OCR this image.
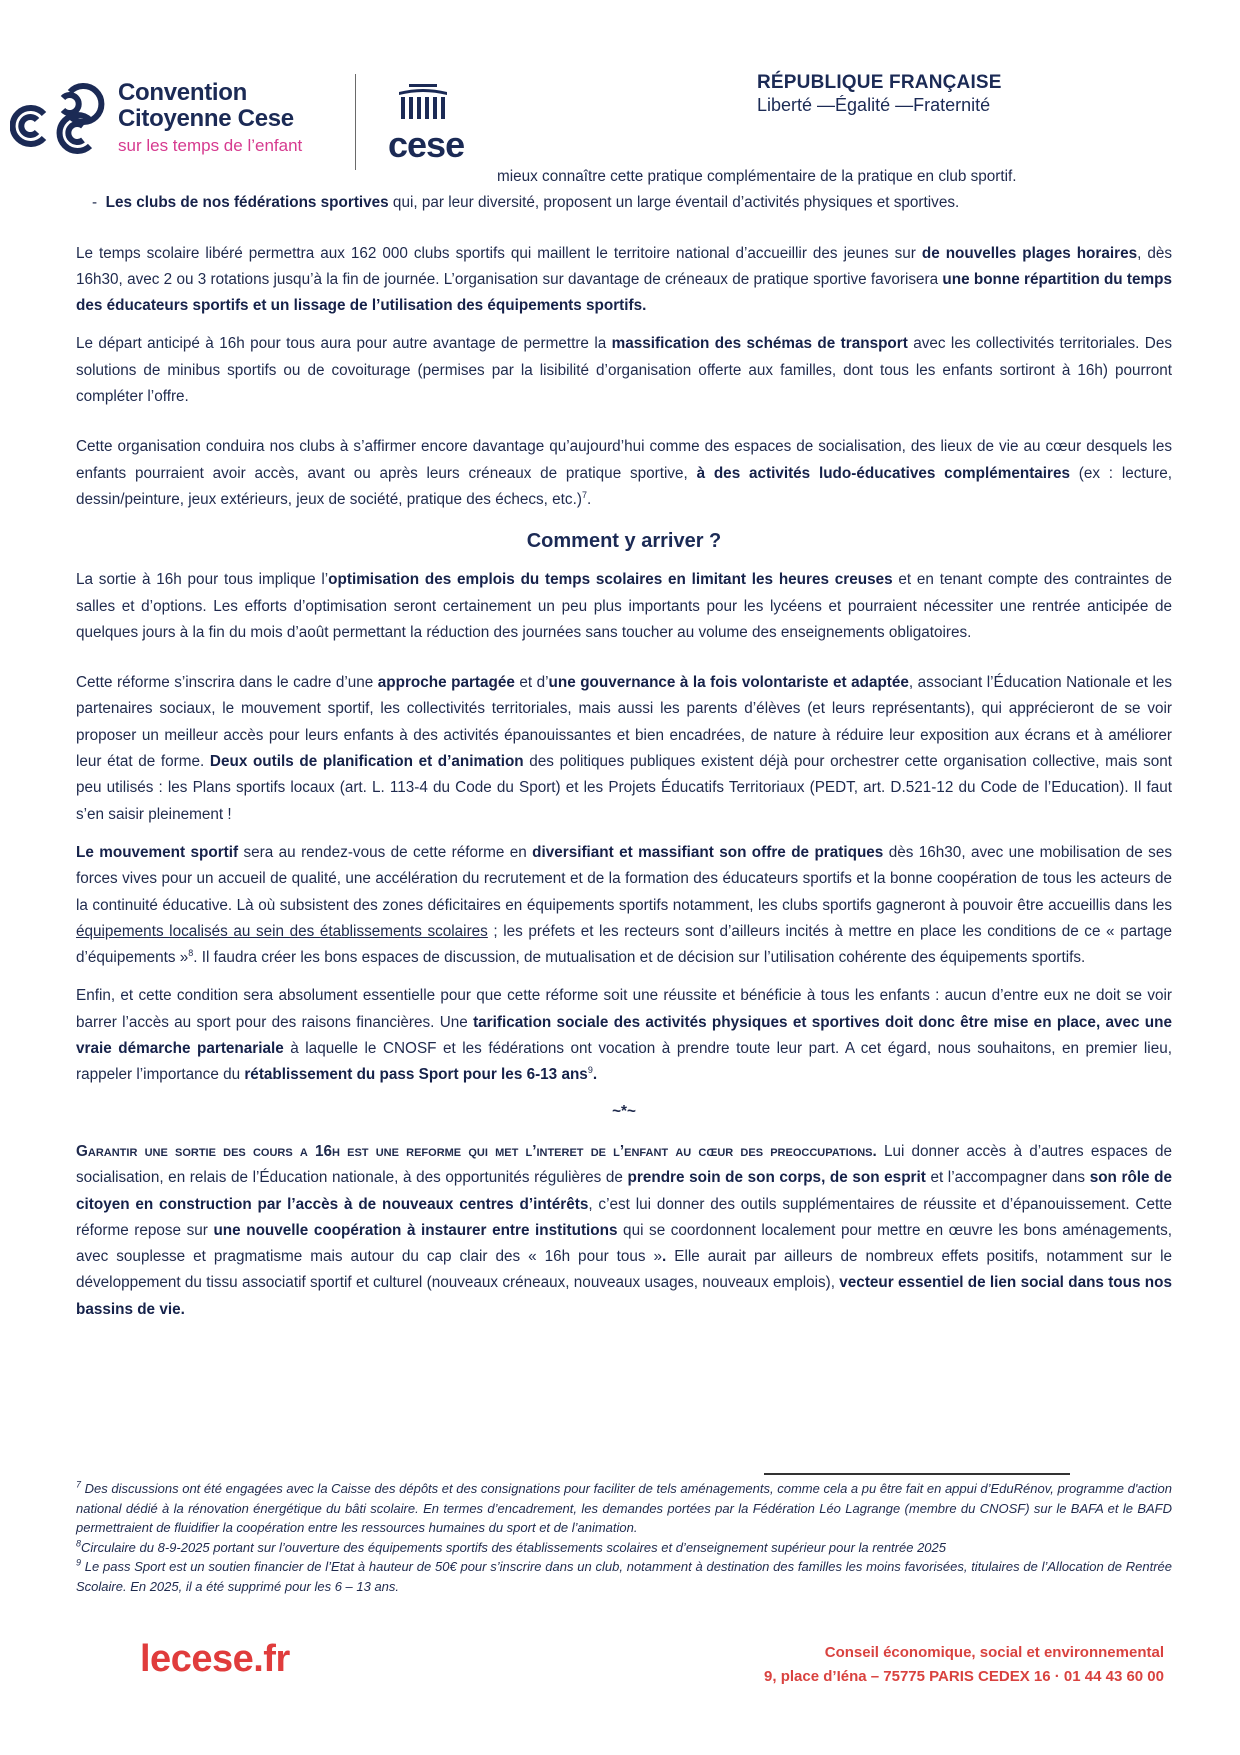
Convention
Citoyenne Cese
sur les temps de l’enfant cese
RÉPUBLIQUE FRANÇAISE
Liberté —Égalité —Fraternité

mieux connaître cette pratique complémentaire de la pratique en club sportif.

- Les clubs de nos fédérations sportives qui, par leur diversité, proposent un large éventail d’activités physiques et sportives.

Le temps scolaire libéré permettra aux 162 000 clubs sportifs qui maillent le territoire national d’accueillir des jeunes sur de nouvelles plages horaires, dès 16h30, avec 2 ou 3 rotations jusqu’à la fin de journée. L’organisation sur davantage de créneaux de pratique sportive favorisera une bonne répartition du temps des éducateurs sportifs et un lissage de l’utilisation des équipements sportifs.

Le départ anticipé à 16h pour tous aura pour autre avantage de permettre la massification des schémas de transport avec les collectivités territoriales. Des solutions de minibus sportifs ou de covoiturage (permises par la lisibilité d’organisation offerte aux familles, dont tous les enfants sortiront à 16h) pourront compléter l’offre.

Cette organisation conduira nos clubs à s’affirmer encore davantage qu’aujourd’hui comme des espaces de socialisation, des lieux de vie au cœur desquels les enfants pourraient avoir accès, avant ou après leurs créneaux de pratique sportive, à des activités ludo-éducatives complémentaires (ex : lecture, dessin/peinture, jeux extérieurs, jeux de société, pratique des échecs, etc.)$^7$.

Comment y arriver ?

La sortie à 16h pour tous implique l’optimisation des emplois du temps scolaires en limitant les heures creuses et en tenant compte des contraintes de salles et d’options. Les efforts d’optimisation seront certainement un peu plus importants pour les lycéens et pourraient nécessiter une rentrée anticipée de quelques jours à la fin du mois d’août permettant la réduction des journées sans toucher au volume des enseignements obligatoires.

Cette réforme s’inscrira dans le cadre d’une approche partagée et d’une gouvernance à la fois volontariste et adaptée, associant l’Éducation Nationale et les partenaires sociaux, le mouvement sportif, les collectivités territoriales, mais aussi les parents d’élèves (et leurs représentants), qui apprécieront de se voir proposer un meilleur accès pour leurs enfants à des activités épanouissantes et bien encadrées, de nature à réduire leur exposition aux écrans et à améliorer leur état de forme. Deux outils de planification et d’animation des politiques publiques existent déjà pour orchestrer cette organisation collective, mais sont peu utilisés : les Plans sportifs locaux (art. L. 113-4 du Code du Sport) et les Projets Éducatifs Territoriaux (PEDT, art. D.521-12 du Code de l’Education). Il faut s’en saisir pleinement !

Le mouvement sportif sera au rendez-vous de cette réforme en diversifiant et massifiant son offre de pratiques dès 16h30, avec une mobilisation de ses forces vives pour un accueil de qualité, une accélération du recrutement et de la formation des éducateurs sportifs et la bonne coopération de tous les acteurs de la continuité éducative. Là où subsistent des zones déficitaires en équipements sportifs notamment, les clubs sportifs gagneront à pouvoir être accueillis dans les équipements localisés au sein des établissements scolaires ; les préfets et les recteurs sont d’ailleurs incités à mettre en place les conditions de ce « partage d’équipements »$^8$. Il faudra créer les bons espaces de discussion, de mutualisation et de décision sur l’utilisation cohérente des équipements sportifs.

Enfin, et cette condition sera absolument essentielle pour que cette réforme soit une réussite et bénéficie à tous les enfants : aucun d’entre eux ne doit se voir barrer l’accès au sport pour des raisons financières. Une tarification sociale des activités physiques et sportives doit donc être mise en place, avec une vraie démarche partenariale à laquelle le CNOSF et les fédérations ont vocation à prendre toute leur part. A cet égard, nous souhaitons, en premier lieu, rappeler l’importance du rétablissement du pass Sport pour les 6-13 ans$^9$.

~*~

Garantir une sortie des cours a 16h est une reforme qui met l’interet de l’enfant au cœur des preoccupations. Lui donner accès à d’autres espaces de socialisation, en relais de l’Éducation nationale, à des opportunités régulières de prendre soin de son corps, de son esprit et l’accompagner dans son rôle de citoyen en construction par l’accès à de nouveaux centres d’intérêts, c’est lui donner des outils supplémentaires de réussite et d’épanouissement. Cette réforme repose sur une nouvelle coopération à instaurer entre institutions qui se coordonnent localement pour mettre en œuvre les bons aménagements, avec souplesse et pragmatisme mais autour du cap clair des « 16h pour tous ». Elle aurait par ailleurs de nombreux effets positifs, notamment sur le développement du tissu associatif sportif et culturel (nouveaux créneaux, nouveaux usages, nouveaux emplois), vecteur essentiel de lien social dans tous nos bassins de vie.

$^7$ Des discussions ont été engagées avec la Caisse des dépôts et des consignations pour faciliter de tels aménagements, comme cela a pu être fait en appui d’EduRénov, programme d'action national dédié à la rénovation énergétique du bâti scolaire. En termes d’encadrement, les demandes portées par la Fédération Léo Lagrange (membre du CNOSF) sur le BAFA et le BAFD permettraient de fluidifier la coopération entre les ressources humaines du sport et de l’animation.

$^8$Circulaire du 8-9-2025 portant sur l’ouverture des équipements sportifs des établissements scolaires et d’enseignement supérieur pour la rentrée 2025

$^9$ Le pass Sport est un soutien financier de l’Etat à hauteur de 50€ pour s’inscrire dans un club, notamment à destination des familles les moins favorisées, titulaires de l’Allocation de Rentrée Scolaire. En 2025, il a été supprimé pour les 6 – 13 ans.

lecese.fr	Conseil économique, social et environnemental
9, place d’Iéna – 75775 PARIS CEDEX 16 · 01 44 43 60 00
